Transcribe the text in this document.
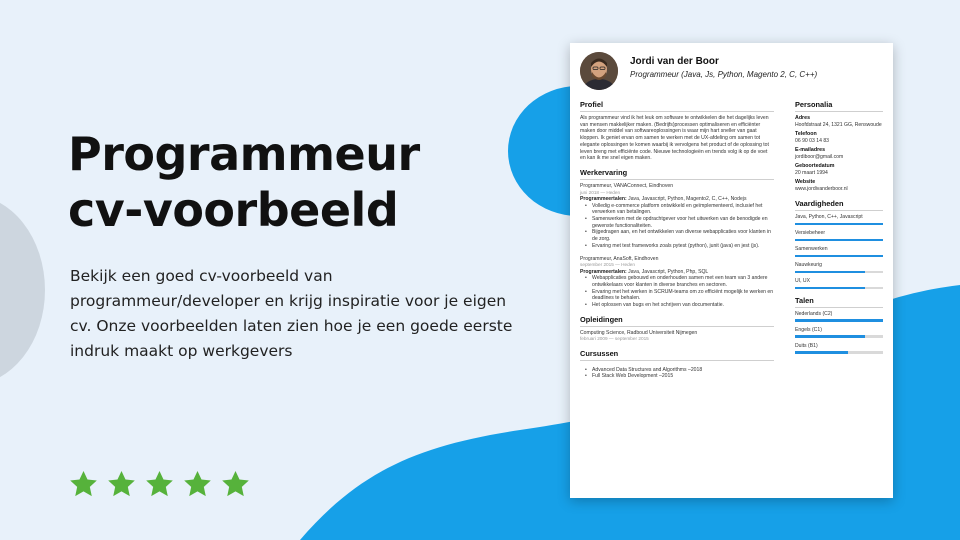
Programmeur
cv-voorbeeld

Bekijk een goed cv-voorbeeld van programmeur/developer en krijg inspiratie voor je eigen cv. Onze voorbeelden laten zien hoe je een goede eerste indruk maakt op werkgevers

Jordi van der Boor
Programmeur (Java, Js, Python, Magento 2, C, C++)
Profiel
Als programmeur vind ik het leuk om software te ontwikkelen die het dagelijks leven van mensen makkelijker maken. (Bedrijfs)processen optimaliseren en efficiënter maken door middel van softwareoplossingen is waar mijn hart sneller van gaat kloppen. Ik geniet ervan om samen te werken met de UX-afdeling om samen tot elegante oplossingen te komen waarbij ik vervolgens het product of de oplossing tot leven breng met efficiënte code. Nieuwe technologieën en trends volg ik op de voet en kan ik me snel eigen maken.
Werkervaring
Programmeur, VANAConnect, Eindhoven
juni 2018 — Heden
Programmeertalen: Java, Javascript, Python, Magento2, C, C++, Nodejs
• Volledig e-commerce platform ontwikkeld en geïmplementeerd, inclusief het verwerken van betalingen.
• Samenwerken met de opdrachtgever voor het uitwerken van de benodigde en gewenste functionaliteiten.
• Bijgedragen aan, en het ontwikkelen van diverse webapplicaties voor klanten in de zorg.
• Ervaring met test frameworks zoals pytest (python), junit (java) en jest (js).
Programmeur, AnaSoft, Eindhoven
september 2015 — Heden
Programmeertalen: Java, Javascript, Python, Php, SQL
• Webapplicaties gebouwd en onderhouden samen met een team van 3 andere ontwikkelaars voor klanten in diverse branches en sectoren.
• Ervaring met het werken in SCRUM-teams om zo efficiënt mogelijk te werken en deadlines te behalen.
• Het oplossen van bugs en het schrijven van documentatie.
Opleidingen
Computing Science, Radboud Universiteit Nijmegen
februari 2009 — september 2015
Cursussen
• Advanced Data Structures and Algorithms –2018
• Full Stack Web Development –2015
Personalia
Adres
Hoofdstraat 24, 1321 GG, Renswoude
Telefoon
06 90 03 14 83
E-mailadres
jordiboor@gmail.com
Geboortedatum
20 maart 1994
Website
www.jordivanderboor.nl
Vaardigheden
Java, Python, C++, Javascript
Versiebeheer
Samenwerken
Nauwkeurig
UI, UX
Talen
Nederlands (C2)
Engels (C1)
Duits (B1)
